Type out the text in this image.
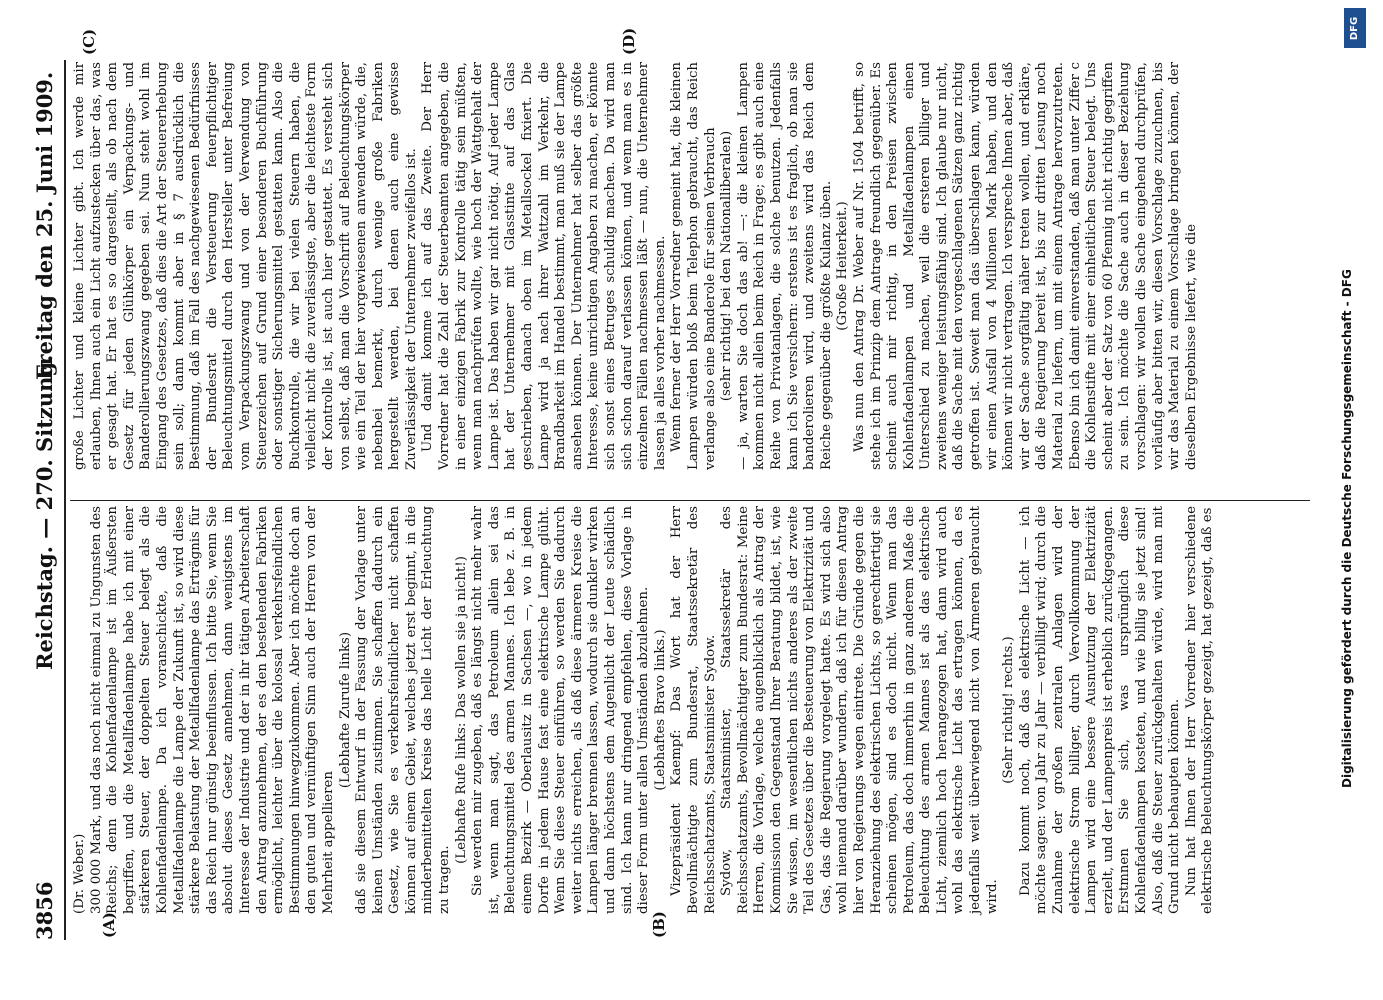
3856
Reichstag. — 270. Sitzung.
Freitag den 25. Juni 1909.
(A)	(B)
(C)	(D)

(Dr. Weber.) 300 000 Mark, und das noch nicht einmal zu Ungunsten des Reichs; denn die Kohlenfadenlampe ist im Äußersten begriffen, und die Metallfadenlampe habe ich mit einer stärkeren Steuer, der doppelten Steuer belegt als die Kohlenfadenlampe. Da ich voranschickte, daß die Metallfadenlampe die Lampe der Zukunft ist, so wird diese stärkere Belastung der Metallfadenlampe das Erträgnis für das Reich nur günstig beeinflussen. Ich bitte Sie, wenn Sie absolut dieses Gesetz annehmen, dann wenigstens im Interesse der Industrie und der in ihr tätigen Arbeiterschaft den Antrag anzunehmen, der es den bestehenden Fabriken ermöglicht, leichter über die kolossal verkehrsfeindlichen Bestimmungen hinwegzukommen. Aber ich möchte doch an den guten und vernünftigen Sinn auch der Herren von der Mehrheit appellieren

(Lebhafte Zurufe links) daß sie diesem Entwurf in der Fassung der Vorlage unter keinen Umständen zustimmen. Sie schaffen dadurch ein Gesetz, wie Sie es verkehrsfeindlicher nicht schaffen können auf einem Gebiet, welches jetzt erst beginnt, in die minderbemittelten Kreise das helle Licht der Erleuchtung zu tragen.

(Lebhafte Rufe links: Das wollen sie ja nicht!) Sie werden mir zugeben, daß es längst nicht mehr wahr ist, wenn man sagt, das Petroleum allein sei das Beleuchtungsmittel des armen Mannes. Ich lebe z. B. in einem Bezirk — Oberlausitz in Sachsen —, wo in jedem Dorfe in jedem Hause fast eine elektrische Lampe glüht. Wenn Sie diese Steuer einführen, so werden Sie dadurch weiter nichts erreichen, als daß diese ärmeren Kreise die Lampen länger brennen lassen, wodurch sie dunkler wirken und dann höchstens dem Augenlicht der Leute schädlich sind. Ich kann nur dringend empfehlen, diese Vorlage in dieser Form unter allen Umständen abzulehnen. (Lebhaftes Bravo links.) Vizepräsident Kaempf: Das Wort hat der Herr Bevollmächtigte zum Bundesrat, Staatssekretär des Reichsschatzamts, Staatsminister Sydow. Sydow, Staatsminister, Staatssekretär des Reichsschatzamts, Bevollmächtigter zum Bundesrat: Meine Herren, die Vorlage, welche augenblicklich als Antrag der Kommission den Gegenstand Ihrer Beratung bildet, ist, wie Sie wissen, im wesentlichen nichts anderes als der zweite Teil des Gesetzes über die Besteuerung von Elektrizität und Gas, das die Regierung vorgelegt hatte. Es wird sich also wohl niemand darüber wundern, daß ich für diesen Antrag hier von Regierungs wegen eintrete. Die Gründe gegen die Heranziehung des elektrischen Lichts, so gerechtfertigt sie scheinen mögen, sind es doch nicht. Wenn man das Petroleum, das doch immerhin in ganz anderem Maße die Beleuchtung des armen Mannes ist als das elektrische Licht, ziemlich hoch herangezogen hat, dann wird auch wohl das elektrische Licht das ertragen können, da es jedenfalls weit überwiegend nicht von Ärmeren gebraucht wird.

(Sehr richtig! rechts.) Dazu kommt noch, daß das elektrische Licht — ich möchte sagen: von Jahr zu Jahr — verbilligt wird; durch die Zunahme der großen zentralen Anlagen wird der elektrische Strom billiger, durch Vervollkommnung der Lampen wird eine bessere Ausnutzung der Elektrizität erzielt, und der Lampenpreis ist erheblich zurückgegangen. Erstmnen Sie sich, was ursprünglich diese Kohlenfadenlampen kosteten, und wie billig sie jetzt sind! Also, daß die Steuer zurückgehalten würde, wird man mit Grund nicht behaupten können. Nun hat Ihnen der Herr Vorredner hier verschiedene elektrische Beleuchtungskörper gezeigt, hat gezeigt, daß es

große Lichter und kleine Lichter gibt. Ich werde mir erlauben, Ihnen auch ein Licht aufzustecken über das, was er gesagt hat. Er hat es so dargestellt, als ob nach dem Gesetz für jeden Glühkörper ein Verpackungs- und Banderollierungszwang gegeben sei. Nun steht wohl im Eingang des Gesetzes, daß dies die Art der Steuererhebung sein soll; dann kommt aber in § 7 ausdrücklich die Bestimmung, daß im Fall des nachgewiesenen Bedürfnisses der Bundesrat die Versteuerung feuerpflichtiger Beleuchtungsmittel durch den Hersteller unter Befreiung vom Verpackungszwang und von der Verwendung von Steuerzeichen auf Grund einer besonderen Buchführung oder sonstiger Sicherungsmittel gestatten kann. Also die Buchkontrolle, die wir bei vielen Steuern haben, die vielleicht nicht die zuverlässigste, aber die leichteste Form der Kontrolle ist, ist auch hier gestattet. Es versteht sich von selbst, daß man die Vorschrift auf Beleuchtungskörper wie ein Teil der hier vorgewiesenen anwenden würde, die, nebenbei bemerkt, durch wenige große Fabriken hergestellt werden, bei denen auch eine gewisse Zuverlässigkeit der Unternehmer zweifellos ist. Und damit komme ich auf das Zweite. Der Herr Vorredner hat die Zahl der Steuerbeamten angegeben, die in einer einzigen Fabrik zur Kontrolle tätig sein müßten, wenn man nachprüfen wollte, wie hoch der Wattgehalt der Lampe ist. Das haben wir gar nicht nötig. Auf jeder Lampe hat der Unternehmer mit Glasstinte auf das Glas geschrieben, danach oben im Metallsockel fixiert. Die Lampe wird ja nach ihrer Wattzahl im Verkehr, die Brandbarkeit im Handel bestimmt, man muß sie der Lampe ansehen können. Der Unternehmer hat selber das größte Interesse, keine unrichtigen Angaben zu machen, er könnte sich sonst eines Betruges schuldig machen. Da wird man sich schon darauf verlassen können, und wenn man es in einzelnen Fällen nachmessen läßt — nun, die Unternehmer lassen ja alles vorher nachmessen. Wenn ferner der Herr Vorredner gemeint hat, die kleinen Lampen würden bloß beim Telephon gebraucht, das Reich verlange also eine Banderole für seinen Verbrauch (sehr richtig! bei den Nationalliberalen) — ja, warten Sie doch das ab! —: die kleinen Lampen kommen nicht allein beim Reich in Frage; es gibt auch eine Reihe von Privatanlagen, die solche benutzen. Jedenfalls kann ich Sie versichern: erstens ist es fraglich, ob man sie banderolieren wird, und zweitens wird das Reich dem Reiche gegenüber die größte Kulanz üben. (Große Heiterkeit.) Was nun den Antrag Dr. Weber auf Nr. 1504 betrifft, so stehe ich im Prinzip dem Antrage freundlich gegenüber. Es scheint auch mir richtig, in den Preisen zwischen Kohlenfadenlampen und Metallfadenlampen einen Unterschied zu machen, weil die ersteren billiger und zweitens weniger leistungsfähig sind. Ich glaube nur nicht, daß die Sache mit den vorgeschlagenen Sätzen ganz richtig getroffen ist. Soweit man das überschlagen kann, würden wir einen Ausfall von 4 Millionen Mark haben, und den können wir nicht vertragen. Ich verspreche Ihnen aber, daß wir der Sache sorgfältig näher treten wollen, und erkläre, daß die Regierung bereit ist, bis zur dritten Lesung noch Material zu liefern, um mit einem Antrage hervorzutreten. Ebenso bin ich damit einverstanden, daß man unter Ziffer c die Kohlenstifte mit einer einheitlichen Steuer belegt. Uns scheint aber der Satz von 60 Pfennig nicht richtig gegriffen zu sein. Ich möchte die Sache auch in dieser Beziehung vorschlagen: wir wollen die Sache eingehend durchprüfen, vorläufig aber bitten wir, diesen Vorschlage zuzuchnen, bis wir das Material zu einem Vorschlage bringen können, der dieselben Ergebnisse liefert, wie die

DFG
Digitalisierung gefördert durch die Deutsche Forschungsgemeinschaft - DFG
